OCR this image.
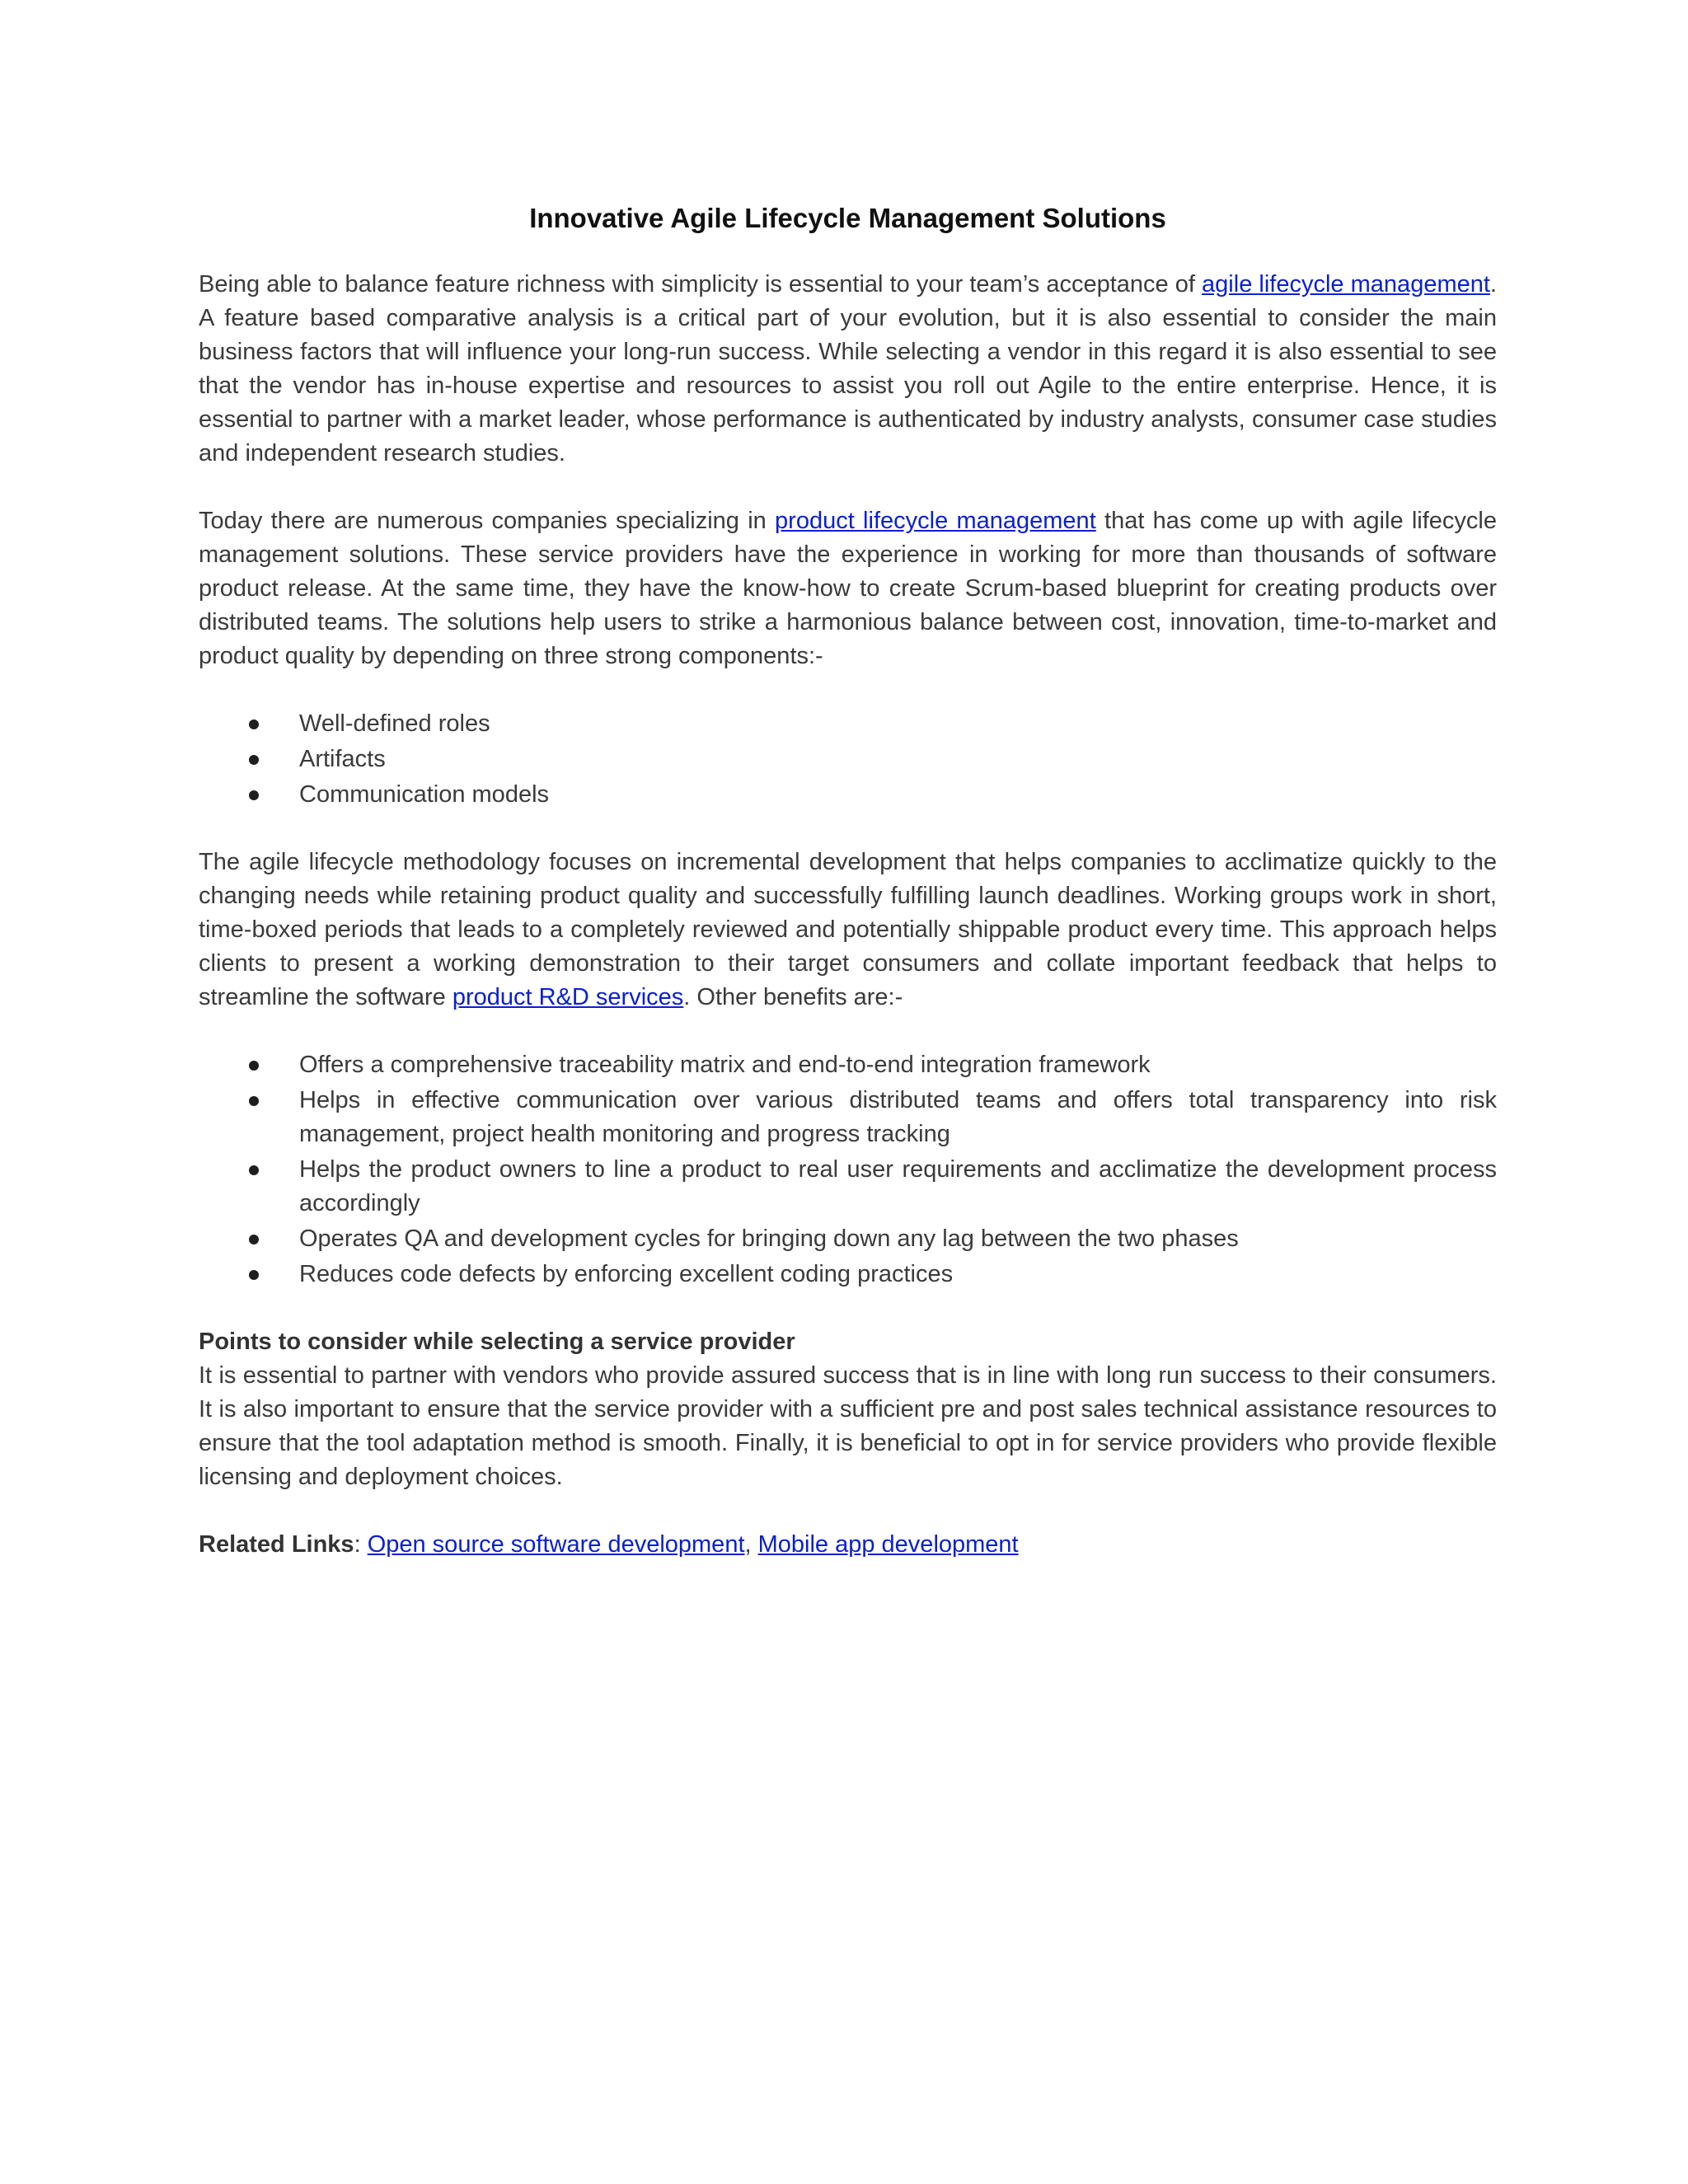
Innovative Agile Lifecycle Management Solutions

Being able to balance feature richness with simplicity is essential to your team’s acceptance of agile lifecycle management. A feature based comparative analysis is a critical part of your evolution, but it is also essential to consider the main business factors that will influence your long-run success. While selecting a vendor in this regard it is also essential to see that the vendor has in-house expertise and resources to assist you roll out Agile to the entire enterprise. Hence, it is essential to partner with a market leader, whose performance is authenticated by industry analysts, consumer case studies and independent research studies.

Today there are numerous companies specializing in product lifecycle management that has come up with agile lifecycle management solutions. These service providers have the experience in working for more than thousands of software product release. At the same time, they have the know-how to create Scrum-based blueprint for creating products over distributed teams. The solutions help users to strike a harmonious balance between cost, innovation, time-to-market and product quality by depending on three strong components:-

Well-defined roles
Artifacts
Communication models

The agile lifecycle methodology focuses on incremental development that helps companies to acclimatize quickly to the changing needs while retaining product quality and successfully fulfilling launch deadlines. Working groups work in short, time-boxed periods that leads to a completely reviewed and potentially shippable product every time. This approach helps clients to present a working demonstration to their target consumers and collate important feedback that helps to streamline the software product R&D services. Other benefits are:-

Offers a comprehensive traceability matrix and end-to-end integration framework
Helps in effective communication over various distributed teams and offers total transparency into risk management, project health monitoring and progress tracking
Helps the product owners to line a product to real user requirements and acclimatize the development process accordingly
Operates QA and development cycles for bringing down any lag between the two phases
Reduces code defects by enforcing excellent coding practices
Points to consider while selecting a service provider
It is essential to partner with vendors who provide assured success that is in line with long run success to their consumers. It is also important to ensure that the service provider with a sufficient pre and post sales technical assistance resources to ensure that the tool adaptation method is smooth. Finally, it is beneficial to opt in for service providers who provide flexible licensing and deployment choices.

Related Links: Open source software development, Mobile app development
